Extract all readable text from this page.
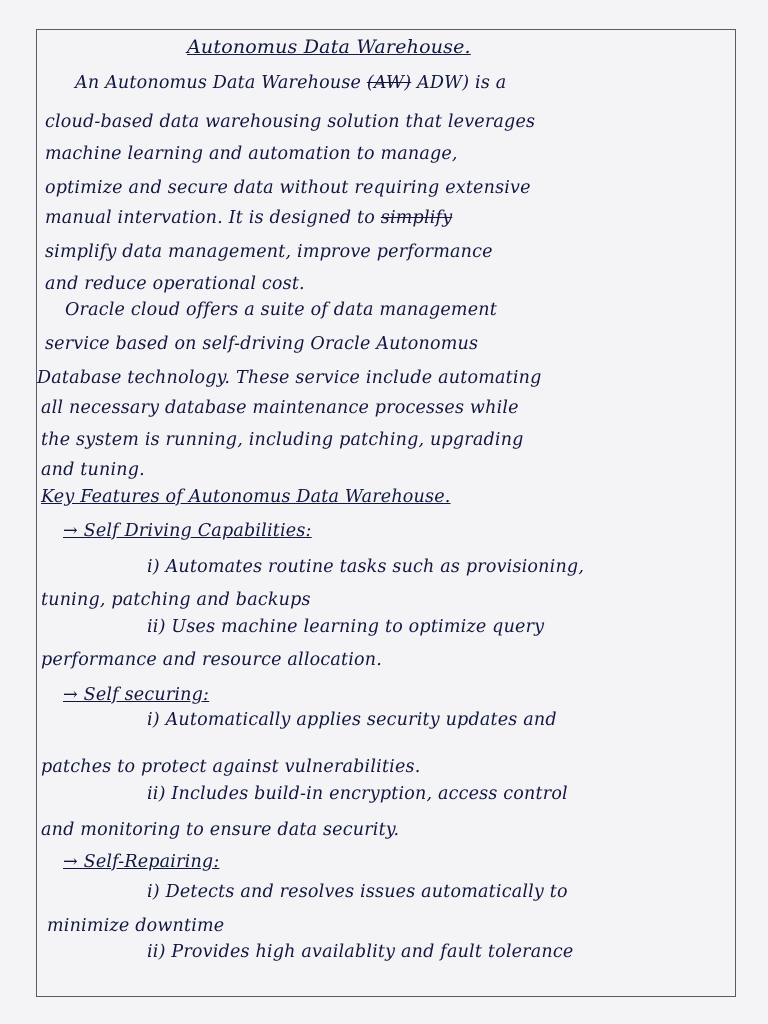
Autonomus Data Warehouse.
An Autonomus Data Warehouse (AW) ADW) is a
cloud-based data warehousing solution that leverages
machine learning and automation to manage,
optimize and secure data without requiring extensive
manual intervation. It is designed to simplify
simplify data management, improve performance
and reduce operational cost.
Oracle cloud offers a suite of data management
service based on self-driving Oracle Autonomus
Database technology. These service include automating
all necessary database maintenance processes while
the system is running, including patching, upgrading
and tuning.
Key Features of Autonomus Data Warehouse.
→ Self Driving Capabilities:
i) Automates routine tasks such as provisioning,
tuning, patching and backups
ii) Uses machine learning to optimize query
performance and resource allocation.
→ Self securing:
i) Automatically applies security updates and
patches to protect against vulnerabilities.
ii) Includes build-in encryption, access control
and monitoring to ensure data security.
→ Self-Repairing:
i) Detects and resolves issues automatically to
minimize downtime
ii) Provides high availablity and fault tolerance
